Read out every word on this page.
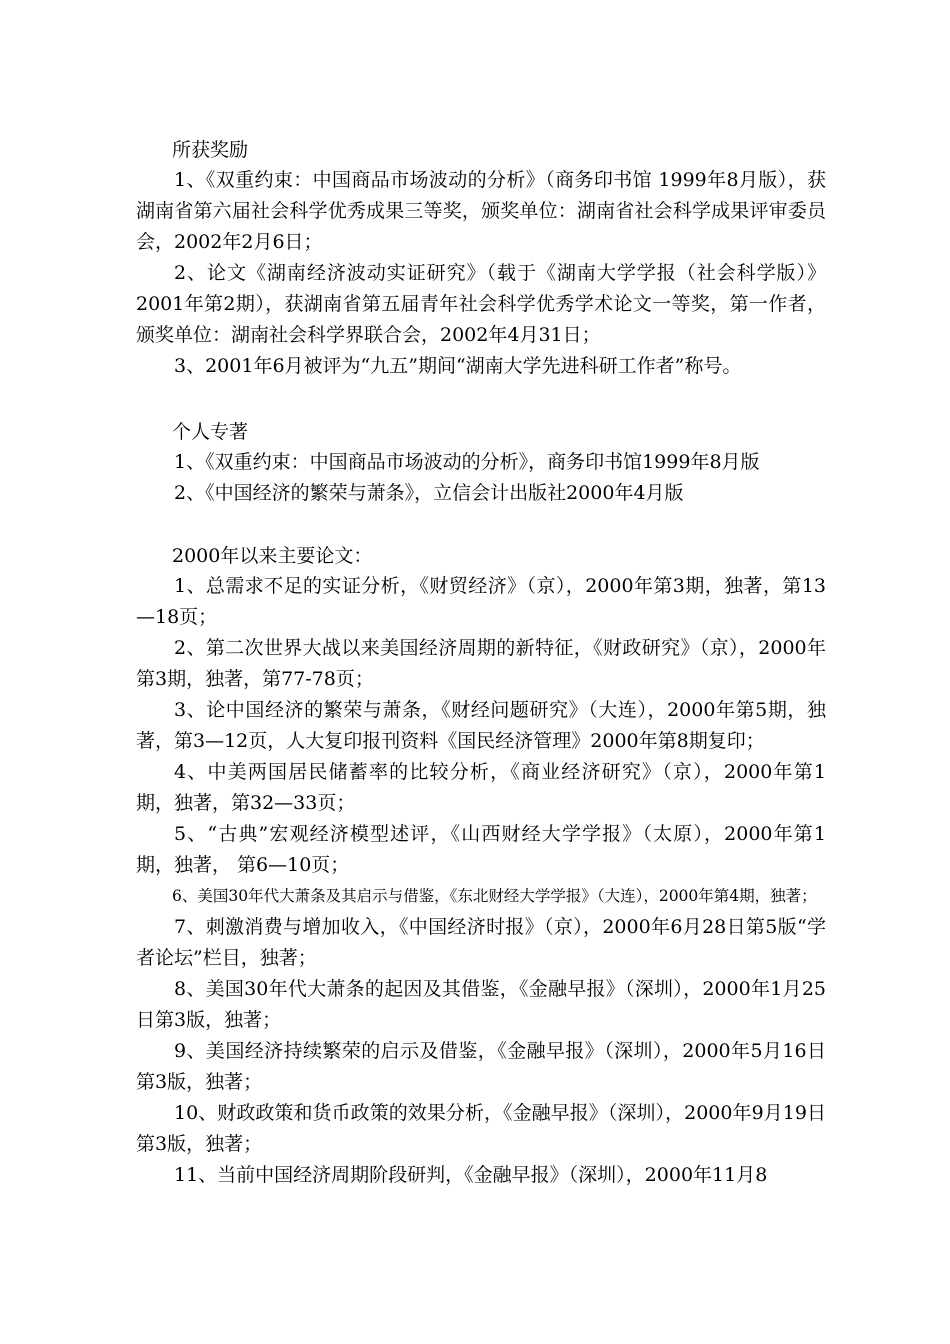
所获奖励

1、《双重约束：中国商品市场波动的分析》（商务印书馆 1999年8月版），获湖南省第六届社会科学优秀成果三等奖，颁奖单位：湖南省社会科学成果评审委员会，2002年2月6日；

2、论文《湖南经济波动实证研究》（载于《湖南大学学报（社会科学版）》2001年第2期），获湖南省第五届青年社会科学优秀学术论文一等奖，第一作者，颁奖单位：湖南社会科学界联合会，2002年4月31日；

3、2001年6月被评为“九五”期间“湖南大学先进科研工作者”称号。

个人专著

1、《双重约束：中国商品市场波动的分析》，商务印书馆1999年8月版

2、《中国经济的繁荣与萧条》，立信会计出版社2000年4月版

2000年以来主要论文：

1、总需求不足的实证分析，《财贸经济》（京），2000年第3期，独著，第13—18页；

2、第二次世界大战以来美国经济周期的新特征，《财政研究》（京），2000年第3期，独著，第77-78页；

3、论中国经济的繁荣与萧条，《财经问题研究》（大连），2000年第5期，独著，第3—12页，人大复印报刊资料《国民经济管理》2000年第8期复印；

4、中美两国居民储蓄率的比较分析，《商业经济研究》（京），2000年第1期，独著，第32—33页；

5、“古典”宏观经济模型述评，《山西财经大学学报》（太原），2000年第1期，独著， 第6—10页；

6、美国30年代大萧条及其启示与借鉴，《东北财经大学学报》（大连），2000年第4期，独著；

7、刺激消费与增加收入，《中国经济时报》（京），2000年6月28日第5版“学者论坛”栏目，独著；

8、美国30年代大萧条的起因及其借鉴，《金融早报》（深圳），2000年1月25日第3版，独著；

9、美国经济持续繁荣的启示及借鉴，《金融早报》（深圳），2000年5月16日第3版，独著；

10、财政政策和货币政策的效果分析，《金融早报》（深圳），2000年9月19日第3版，独著；

11、当前中国经济周期阶段研判，《金融早报》（深圳），2000年11月8
